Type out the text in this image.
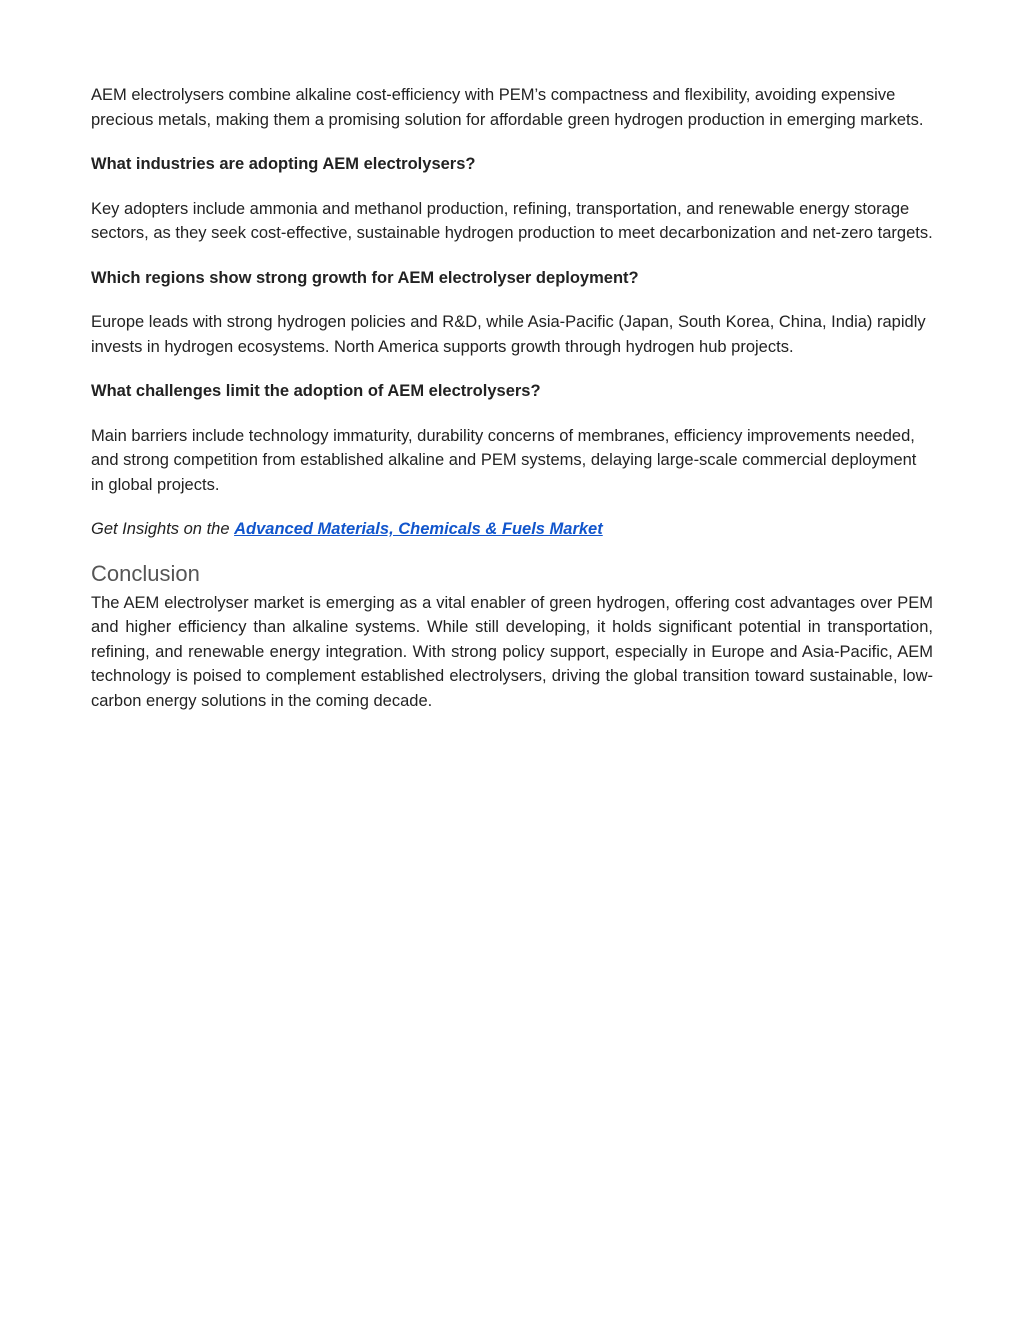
AEM electrolysers combine alkaline cost-efficiency with PEM’s compactness and flexibility, avoiding expensive precious metals, making them a promising solution for affordable green hydrogen production in emerging markets.

What industries are adopting AEM electrolysers?

Key adopters include ammonia and methanol production, refining, transportation, and renewable energy storage sectors, as they seek cost-effective, sustainable hydrogen production to meet decarbonization and net-zero targets.

Which regions show strong growth for AEM electrolyser deployment?

Europe leads with strong hydrogen policies and R&D, while Asia-Pacific (Japan, South Korea, China, India) rapidly invests in hydrogen ecosystems. North America supports growth through hydrogen hub projects.

What challenges limit the adoption of AEM electrolysers?

Main barriers include technology immaturity, durability concerns of membranes, efficiency improvements needed, and strong competition from established alkaline and PEM systems, delaying large-scale commercial deployment in global projects.

Get Insights on the Advanced Materials, Chemicals & Fuels Market

Conclusion

The AEM electrolyser market is emerging as a vital enabler of green hydrogen, offering cost advantages over PEM and higher efficiency than alkaline systems. While still developing, it holds significant potential in transportation, refining, and renewable energy integration. With strong policy support, especially in Europe and Asia-Pacific, AEM technology is poised to complement established electrolysers, driving the global transition toward sustainable, low-carbon energy solutions in the coming decade.
